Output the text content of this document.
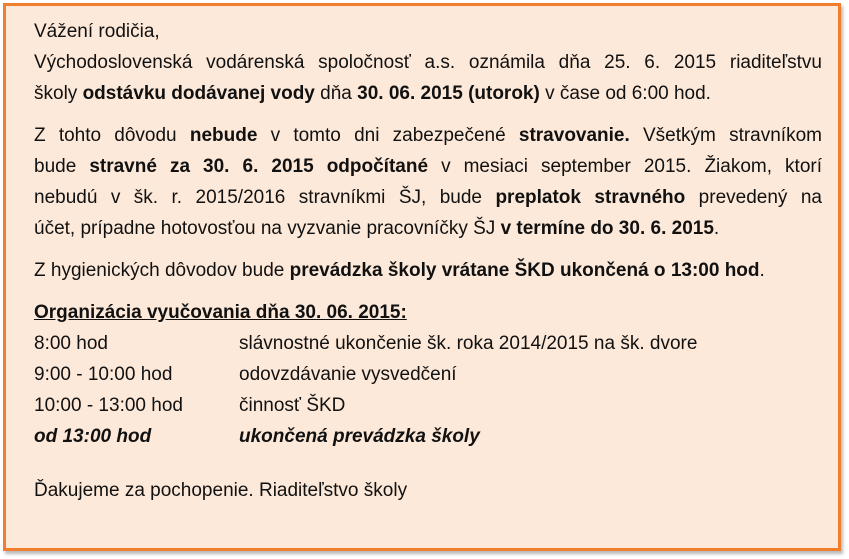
Vážení rodičia,
Východoslovenská vodárenská spoločnosť a.s. oznámila dňa 25. 6. 2015 riaditeľstvu
školy odstávku dodávanej vody dňa 30. 06. 2015 (utorok) v čase od 6:00 hod.
Z tohto dôvodu nebude v tomto dni zabezpečené stravovanie. Všetkým stravníkom
bude stravné za 30. 6. 2015 odpočítané v mesiaci september 2015. Žiakom, ktorí
nebudú v šk. r. 2015/2016 stravníkmi ŠJ, bude preplatok stravného prevedený na
účet, prípadne hotovosťou na vyzvanie pracovníčky ŠJ v termíne do 30. 6. 2015.
Z hygienických dôvodov bude prevádzka školy vrátane ŠKD ukončená o 13:00 hod.
Organizácia vyučovania dňa 30. 06. 2015:
8:00 hod	slávnostné ukončenie šk. roka 2014/2015 na šk. dvore
9:00 - 10:00 hod	odovzdávanie vysvedčení
10:00 - 13:00 hod	činnosť ŠKD
od 13:00 hod	ukončená prevádzka školy
Ďakujeme za pochopenie. Riaditeľstvo školy
